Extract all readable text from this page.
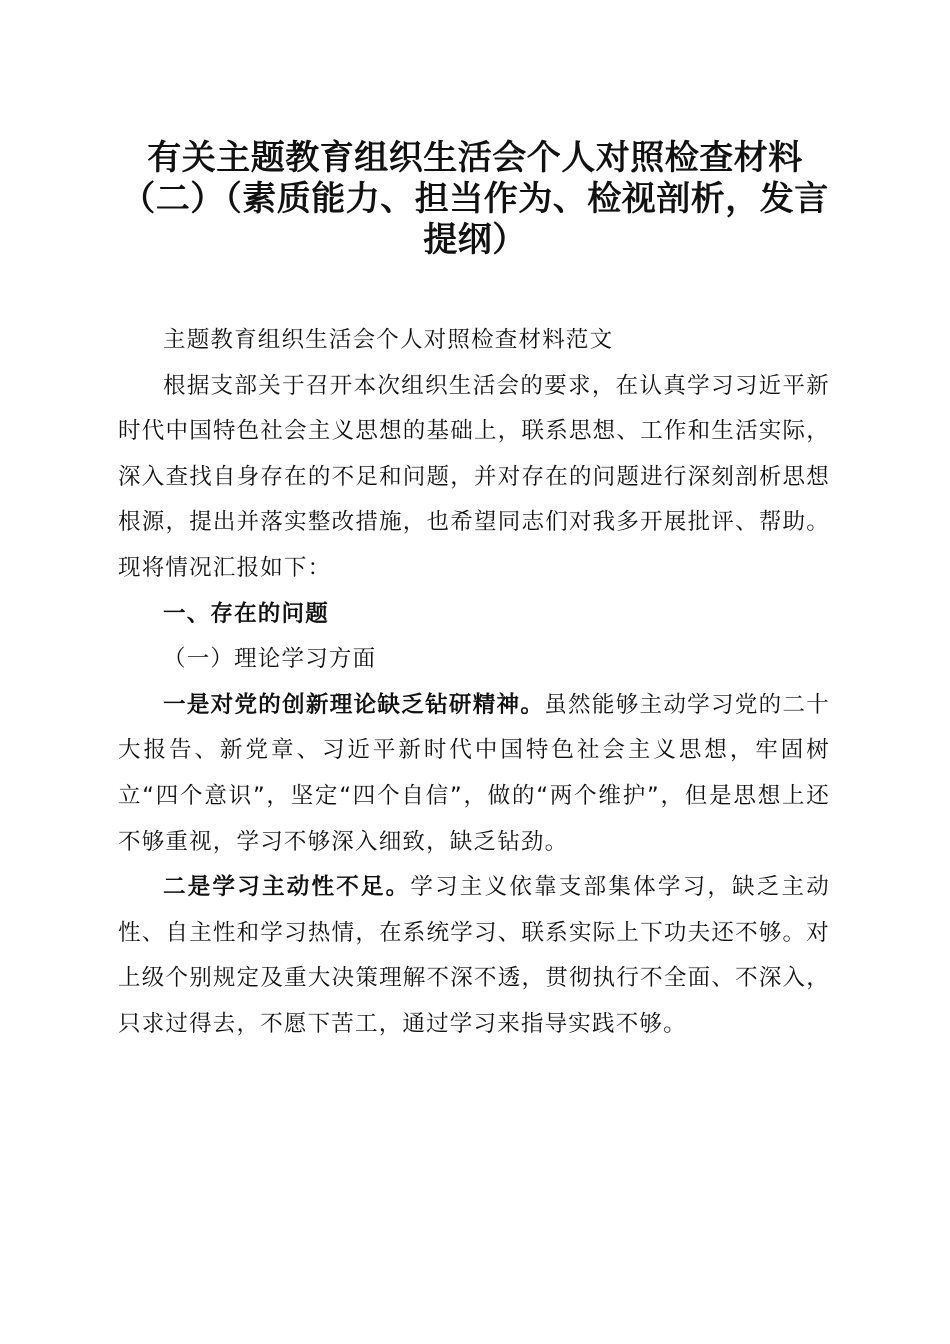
有关主题教育组织生活会个人对照检查材料（二）（素质能力、担当作为、检视剖析，发言提纲）

主题教育组织生活会个人对照检查材料范文

根据支部关于召开本次组织生活会的要求，在认真学习习近平新时代中国特色社会主义思想的基础上，联系思想、工作和生活实际，深入查找自身存在的不足和问题，并对存在的问题进行深刻剖析思想根源，提出并落实整改措施，也希望同志们对我多开展批评、帮助。现将情况汇报如下：

一、存在的问题

（一）理论学习方面

一是对党的创新理论缺乏钻研精神。虽然能够主动学习党的二十大报告、新党章、习近平新时代中国特色社会主义思想，牢固树立“四个意识”，坚定“四个自信”，做的“两个维护”，但是思想上还不够重视，学习不够深入细致，缺乏钻劲。

二是学习主动性不足。学习主义依靠支部集体学习，缺乏主动性、自主性和学习热情，在系统学习、联系实际上下功夫还不够。对上级个别规定及重大决策理解不深不透，贯彻执行不全面、不深入，只求过得去，不愿下苦工，通过学习来指导实践不够。
